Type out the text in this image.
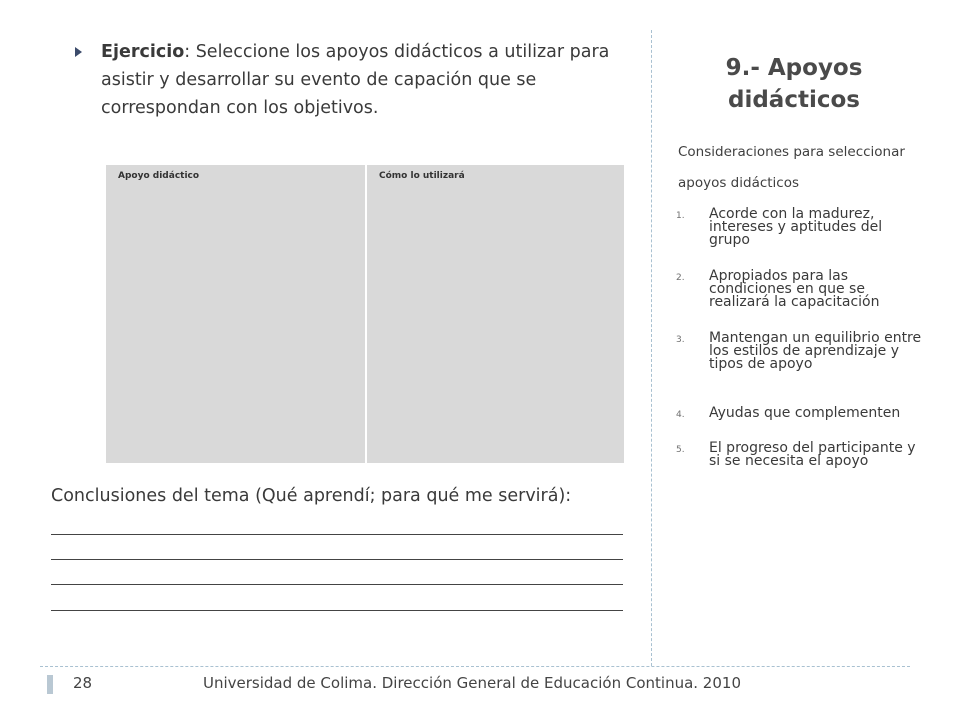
9.- Apoyos didácticos
Consideraciones para seleccionar apoyos didácticos
1. Acorde con la madurez, intereses y aptitudes del grupo
2. Apropiados para las condiciones en que se realizará la capacitación
3. Mantengan un equilibrio entre los estilos de aprendizaje y tipos de apoyo
4. Ayudas que complementen
5. El progreso del participante y si se necesita el apoyo
Ejercicio: Seleccione los apoyos didácticos a utilizar para asistir y desarrollar su evento de capación que se correspondan con los objetivos.
Apoyo didáctico	Cómo lo utilizará
Conclusiones del tema (Qué aprendí; para qué me servirá):
28	Universidad de Colima. Dirección General de Educación Continua. 2010
